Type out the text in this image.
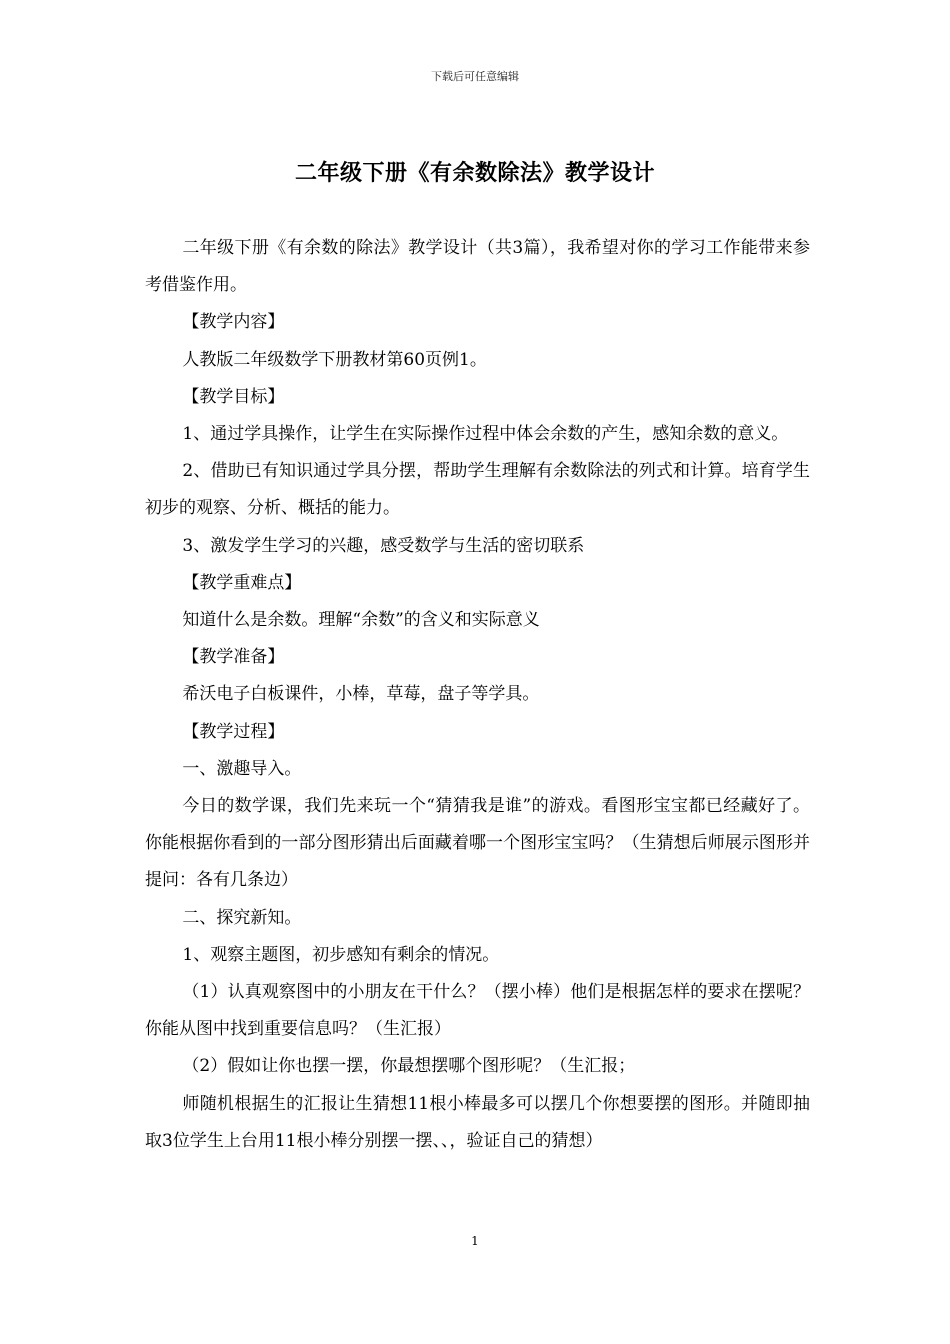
下载后可任意编辑
二年级下册《有余数除法》教学设计

二年级下册《有余数的除法》教学设计（共3篇），我希望对你的学习工作能带来参考借鉴作用。

【教学内容】

人教版二年级数学下册教材第60页例1。

【教学目标】

1、通过学具操作，让学生在实际操作过程中体会余数的产生，感知余数的意义。

2、借助已有知识通过学具分摆，帮助学生理解有余数除法的列式和计算。培育学生初步的观察、分析、概括的能力。

3、激发学生学习的兴趣，感受数学与生活的密切联系

【教学重难点】

知道什么是余数。理解“余数”的含义和实际意义

【教学准备】

希沃电子白板课件，小棒，草莓，盘子等学具。

【教学过程】

一、激趣导入。

今日的数学课，我们先来玩一个“猜猜我是谁”的游戏。看图形宝宝都已经藏好了。你能根据你看到的一部分图形猜出后面藏着哪一个图形宝宝吗？（生猜想后师展示图形并提问：各有几条边）

二、探究新知。

1、观察主题图，初步感知有剩余的情况。

（1）认真观察图中的小朋友在干什么？（摆小棒）他们是根据怎样的要求在摆呢？你能从图中找到重要信息吗？（生汇报）

（2）假如让你也摆一摆，你最想摆哪个图形呢？（生汇报；

师随机根据生的汇报让生猜想11根小棒最多可以摆几个你想要摆的图形。并随即抽取3位学生上台用11根小棒分别摆一摆、、，验证自己的猜想）

1
